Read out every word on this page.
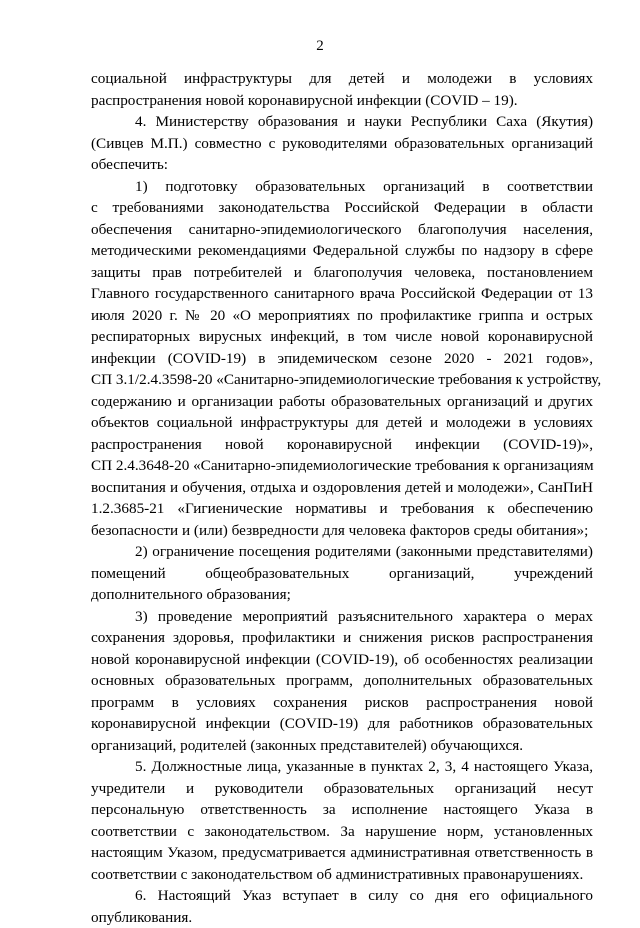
2
социальной инфраструктуры для детей и молодежи в условиях
распространения новой коронавирусной инфекции (COVID – 19).
4. Министерству образования и науки Республики Саха (Якутия)
(Сивцев М.П.) совместно с руководителями образовательных организаций
обеспечить:
1) подготовку образовательных организаций в соответствии
с требованиями законодательства Российской Федерации в области
обеспечения санитарно-эпидемиологического благополучия населения,
методическими рекомендациями Федеральной службы по надзору в сфере
защиты прав потребителей и благополучия человека, постановлением
Главного государственного санитарного врача Российской Федерации от 13
июля 2020 г. № 20 «О мероприятиях по профилактике гриппа и острых
респираторных вирусных инфекций, в том числе новой коронавирусной
инфекции (COVID-19) в эпидемическом сезоне 2020 - 2021 годов»,
СП 3.1/2.4.3598-20 «Санитарно-эпидемиологические требования к устройству,
содержанию и организации работы образовательных организаций и других
объектов социальной инфраструктуры для детей и молодежи в условиях
распространения новой коронавирусной инфекции (COVID-19)»,
СП 2.4.3648-20 «Санитарно-эпидемиологические требования к организациям
воспитания и обучения, отдыха и оздоровления детей и молодежи», СанПиН
1.2.3685-21 «Гигиенические нормативы и требования к обеспечению
безопасности и (или) безвредности для человека факторов среды обитания»;
2) ограничение посещения родителями (законными представителями)
помещений общеобразовательных организаций, учреждений
дополнительного образования;
3) проведение мероприятий разъяснительного характера о мерах
сохранения здоровья, профилактики и снижения рисков распространения
новой коронавирусной инфекции (COVID-19), об особенностях реализации
основных образовательных программ, дополнительных образовательных
программ в условиях сохранения рисков распространения новой
коронавирусной инфекции (COVID-19) для работников образовательных
организаций, родителей (законных представителей) обучающихся.
5. Должностные лица, указанные в пунктах 2, 3, 4 настоящего Указа,
учредители и руководители образовательных организаций несут
персональную ответственность за исполнение настоящего Указа в
соответствии с законодательством. За нарушение норм, установленных
настоящим Указом, предусматривается административная ответственность в
соответствии с законодательством об административных правонарушениях.
6. Настоящий Указ вступает в силу со дня его официального
опубликования.
